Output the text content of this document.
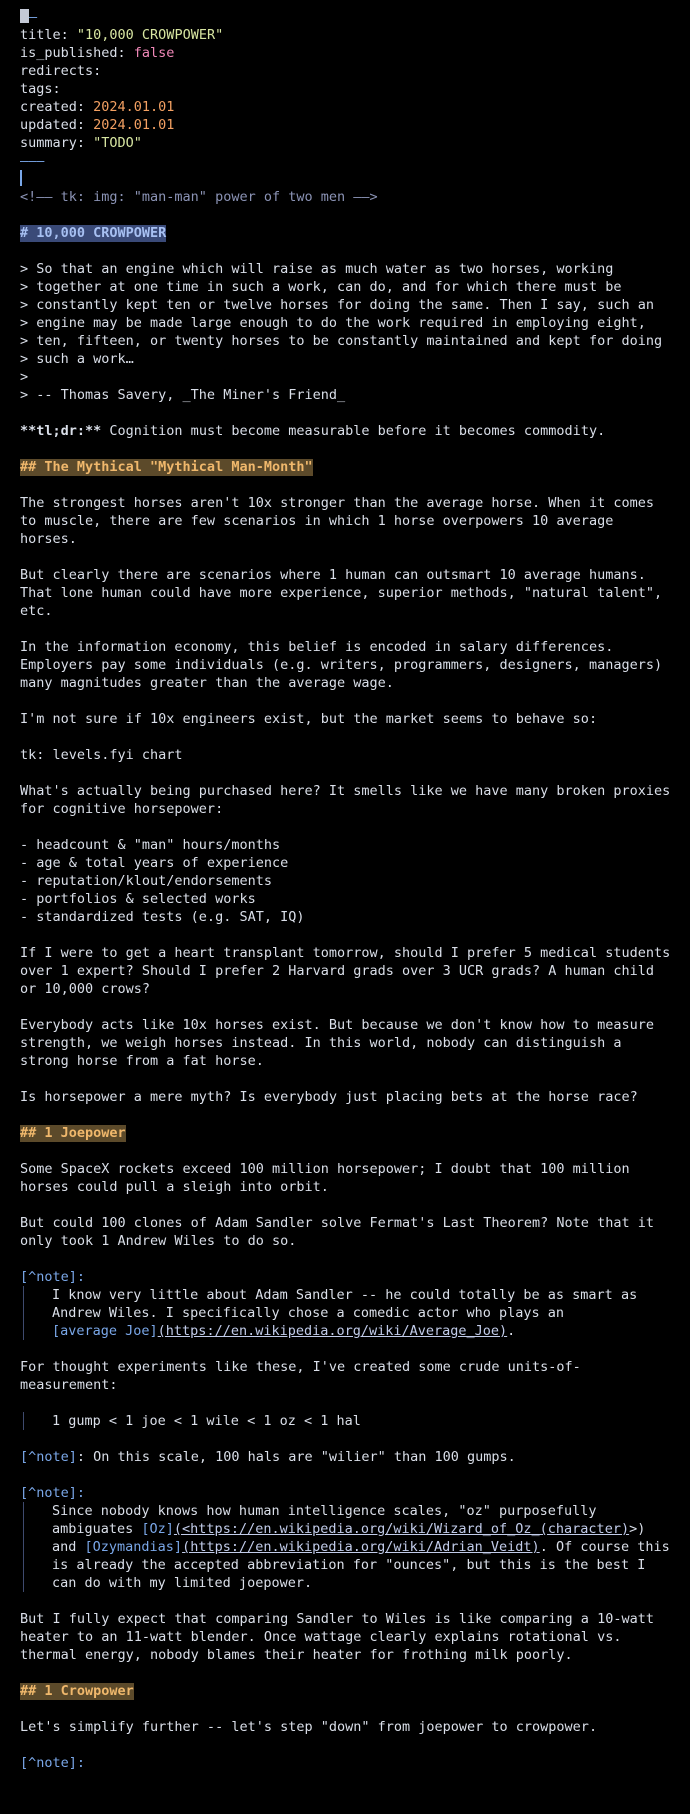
—
title: "10,000 CROWPOWER"
is_published: false
redirects:
tags:
created: 2024.01.01
updated: 2024.01.01
summary: "TODO"
———
<!—— tk: img: "man-man" power of two men ——>
# 10,000 CROWPOWER
> So that an engine which will raise as much water as two horses, working
> together at one time in such a work, can do, and for which there must be
> constantly kept ten or twelve horses for doing the same. Then I say, such an
> engine may be made large enough to do the work required in employing eight,
> ten, fifteen, or twenty horses to be constantly maintained and kept for doing
> such a work…
>
> -- Thomas Savery, _The Miner's Friend_
**tl;dr:** Cognition must become measurable before it becomes commodity.
## The Mythical "Mythical Man-Month"
The strongest horses aren't 10x stronger than the average horse. When it comes
to muscle, there are few scenarios in which 1 horse overpowers 10 average
horses.
But clearly there are scenarios where 1 human can outsmart 10 average humans.
That lone human could have more experience, superior methods, "natural talent",
etc.
In the information economy, this belief is encoded in salary differences.
Employers pay some individuals (e.g. writers, programmers, designers, managers)
many magnitudes greater than the average wage.
I'm not sure if 10x engineers exist, but the market seems to behave so:
tk: levels.fyi chart
What's actually being purchased here? It smells like we have many broken proxies
for cognitive horsepower:
- headcount & "man" hours/months
- age & total years of experience
- reputation/klout/endorsements
- portfolios & selected works
- standardized tests (e.g. SAT, IQ)
If I were to get a heart transplant tomorrow, should I prefer 5 medical students
over 1 expert? Should I prefer 2 Harvard grads over 3 UCR grads? A human child
or 10,000 crows?
Everybody acts like 10x horses exist. But because we don't know how to measure
strength, we weigh horses instead. In this world, nobody can distinguish a
strong horse from a fat horse.
Is horsepower a mere myth? Is everybody just placing bets at the horse race?
## 1 Joepower
Some SpaceX rockets exceed 100 million horsepower; I doubt that 100 million
horses could pull a sleigh into orbit.
But could 100 clones of Adam Sandler solve Fermat's Last Theorem? Note that it
only took 1 Andrew Wiles to do so.
[^note]:
I know very little about Adam Sandler -- he could totally be as smart as
Andrew Wiles. I specifically chose a comedic actor who plays an
[average Joe](https://en.wikipedia.org/wiki/Average_Joe).
For thought experiments like these, I've created some crude units-of-
measurement:
1 gump < 1 joe < 1 wile < 1 oz < 1 hal
[^note]: On this scale, 100 hals are "wilier" than 100 gumps.
[^note]:
Since nobody knows how human intelligence scales, "oz" purposefully
ambiguates [Oz](<https://en.wikipedia.org/wiki/Wizard_of_Oz_(character)>)
and [Ozymandias](https://en.wikipedia.org/wiki/Adrian_Veidt). Of course this
is already the accepted abbreviation for "ounces", but this is the best I
can do with my limited joepower.
But I fully expect that comparing Sandler to Wiles is like comparing a 10-watt
heater to an 11-watt blender. Once wattage clearly explains rotational vs.
thermal energy, nobody blames their heater for frothing milk poorly.
## 1 Crowpower
Let's simplify further -- let's step "down" from joepower to crowpower.
[^note]:
